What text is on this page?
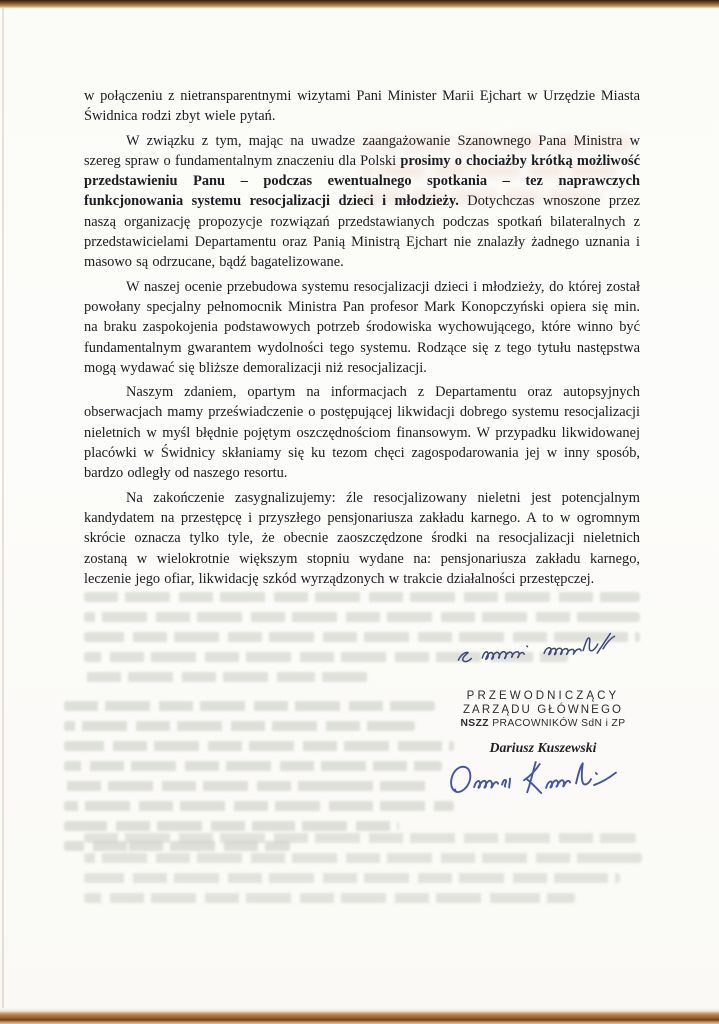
w połączeniu z nietransparentnymi wizytami Pani Minister Marii Ejchart w Urzędzie Miasta Świdnica rodzi zbyt wiele pytań.

W związku z tym, mając na uwadze zaangażowanie Szanownego Pana Ministra w szereg spraw o fundamentalnym znaczeniu dla Polski prosimy o chociażby krótką możliwość przedstawieniu Panu – podczas ewentualnego spotkania – tez naprawczych funkcjonowania systemu resocjalizacji dzieci i młodzieży. Dotychczas wnoszone przez naszą organizację propozycje rozwiązań przedstawianych podczas spotkań bilateralnych z przedstawicielami Departamentu oraz Panią Ministrą Ejchart nie znalazły żadnego uznania i masowo są odrzucane, bądź bagatelizowane.

W naszej ocenie przebudowa systemu resocjalizacji dzieci i młodzieży, do której został powołany specjalny pełnomocnik Ministra Pan profesor Mark Konopczyński opiera się min. na braku zaspokojenia podstawowych potrzeb środowiska wychowującego, które winno być fundamentalnym gwarantem wydolności tego systemu. Rodzące się z tego tytułu następstwa mogą wydawać się bliższe demoralizacji niż resocjalizacji.

Naszym zdaniem, opartym na informacjach z Departamentu oraz autopsyjnych obserwacjach mamy przeświadczenie o postępującej likwidacji dobrego systemu resocjalizacji nieletnich w myśl błędnie pojętym oszczędnościom finansowym. W przypadku likwidowanej placówki w Świdnicy skłaniamy się ku tezom chęci zagospodarowania jej w inny sposób, bardzo odległy od naszego resortu.

Na zakończenie zasygnalizujemy: źle resocjalizowany nieletni jest potencjalnym kandydatem na przestępcę i przyszłego pensjonariusza zakładu karnego. A to w ogromnym skrócie oznacza tylko tyle, że obecnie zaoszczędzone środki na resocjalizacji nieletnich zostaną w wielokrotnie większym stopniu wydane na: pensjonariusza zakładu karnego, leczenie jego ofiar, likwidację szkód wyrządzonych w trakcie działalności przestępczej.

PRZEWODNICZĄCY
ZARZĄDU GŁÓWNEGO
NSZZ PRACOWNIKÓW SdN i ZP
Dariusz Kuszewski
